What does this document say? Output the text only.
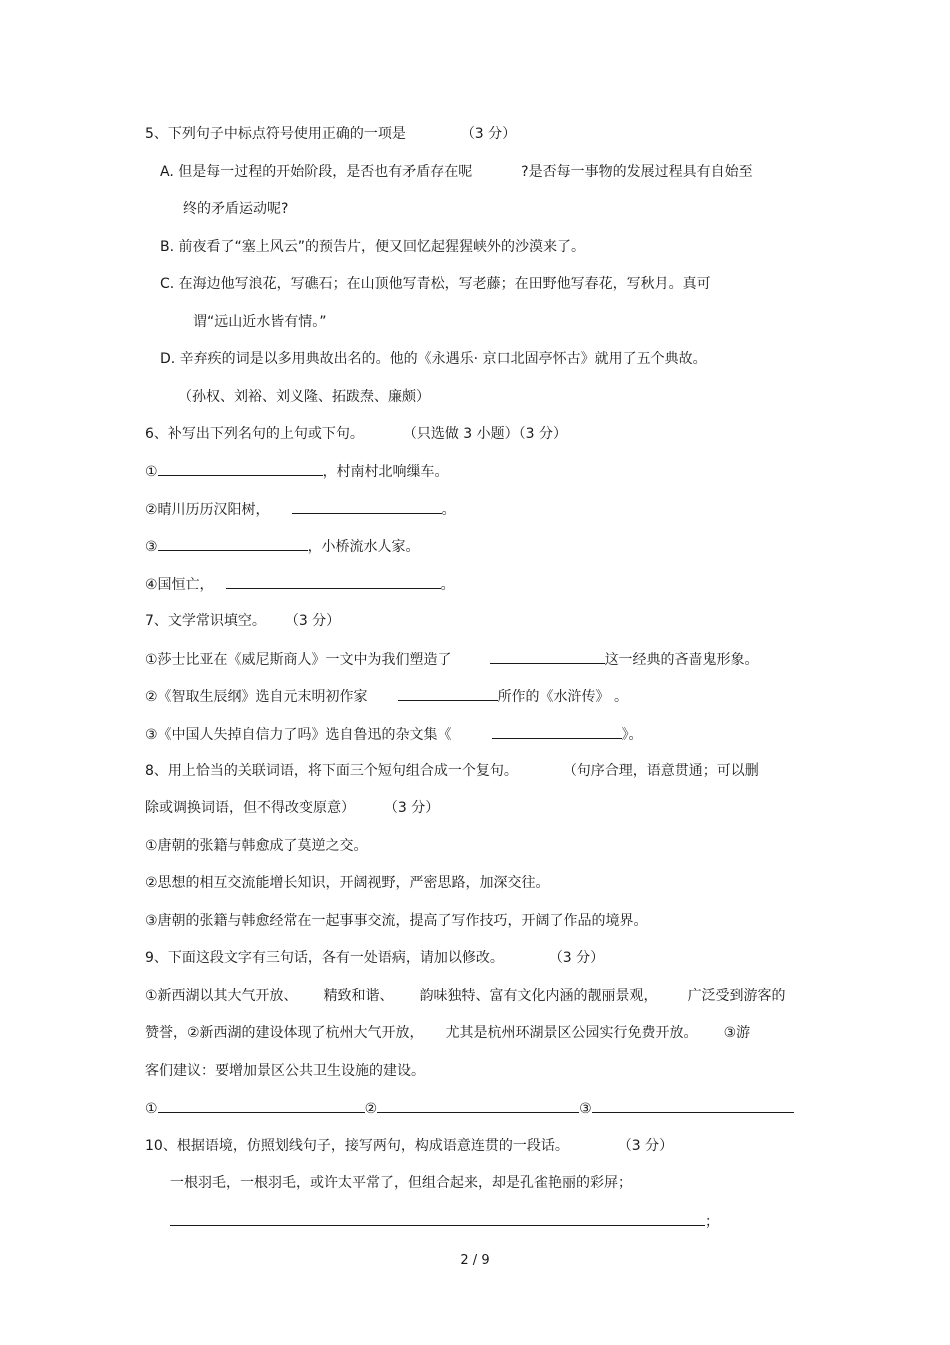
5、下列句子中标点符号使用正确的一项是	（3 分）
A. 但是每一过程的开始阶段，是否也有矛盾存在呢	?是否每一事物的发展过程具有自始至
终的矛盾运动呢?
B. 前夜看了“塞上风云”的预告片，便又回忆起猩猩峡外的沙漠来了。
C. 在海边他写浪花，写礁石；在山顶他写青松，写老藤；在田野他写春花，写秋月。真可
谓“远山近水皆有情。”
D. 辛弃疾的词是以多用典故出名的。他的《永遇乐· 京口北固亭怀古》就用了五个典故。
（孙权、刘裕、刘义隆、拓跋焘、廉颇）
6、补写出下列名句的上句或下句。	（只选做 3 小题）（3 分）
①	，村南村北响缫车。
②晴川历历汉阳树，	。
③	，小桥流水人家。
④国恒亡，	。
7、文学常识填空。 （3 分）
①莎士比亚在《威尼斯商人》一文中为我们塑造了	这一经典的吝啬鬼形象。
②《智取生辰纲》选自元末明初作家	所作的《水浒传》 。
③《中国人失掉自信力了吗》选自鲁迅的杂文集《	》。
8、用上恰当的关联词语，将下面三个短句组合成一个复句。	（句序合理，语意贯通；可以删
除或调换词语，但不得改变原意） （3 分）
①唐朝的张籍与韩愈成了莫逆之交。
②思想的相互交流能增长知识，开阔视野，严密思路，加深交往。
③唐朝的张籍与韩愈经常在一起事事交流，提高了写作技巧，开阔了作品的境界。
9、下面这段文字有三句话，各有一处语病，请加以修改。	（3 分）
①新西湖以其大气开放、 精致和谐、 韵味独特、富有文化内涵的靓丽景观， 广泛受到游客的
赞誉，②新西湖的建设体现了杭州大气开放， 尤其是杭州环湖景区公园实行免费开放。 ③游
客们建议：要增加景区公共卫生设施的建设。
①	②	③
10、根据语境，仿照划线句子，接写两句，构成语意连贯的一段话。	（3 分）
一根羽毛，一根羽毛，或许太平常了，但组合起来，却是孔雀艳丽的彩屏；
；
2 / 9
